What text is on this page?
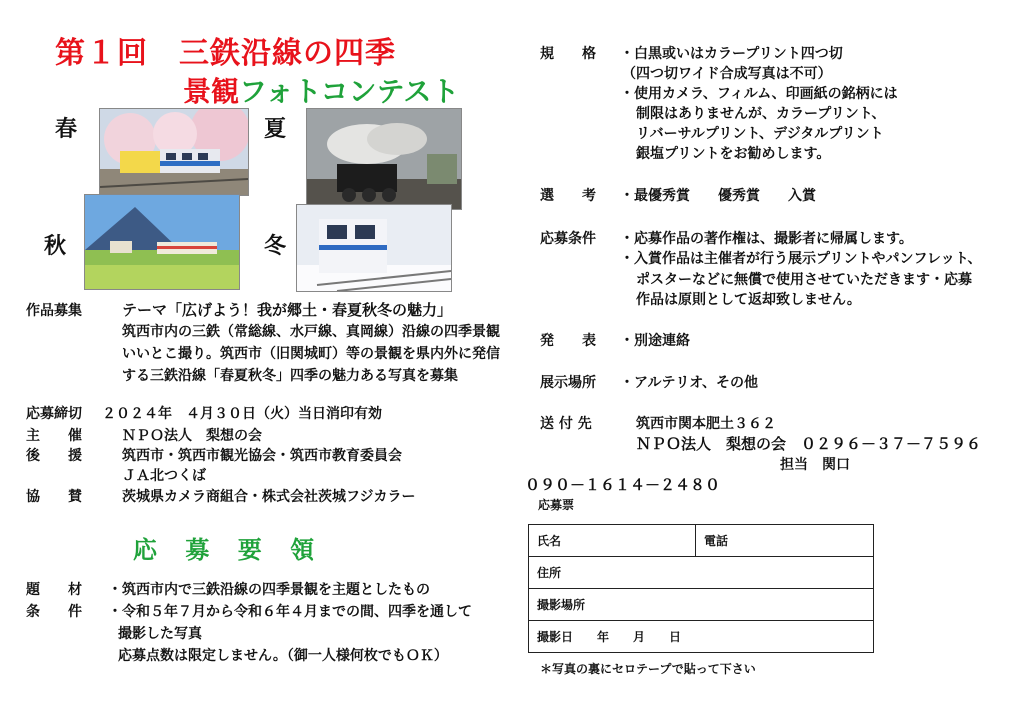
第１回　三鉄沿線の四季
景観フォトコンテスト
春	夏
秋	冬
作品募集	テーマ「広げよう！我が郷土・春夏秋冬の魅力」
筑西市内の三鉄（常総線、水戸線、真岡線）沿線の四季景観
いいとこ撮り。筑西市（旧関城町）等の景観を県内外に発信
する三鉄沿線「春夏秋冬」四季の魅力ある写真を募集
応募締切 ２０２４年　４月３０日（火）当日消印有効
主　　催	ＮＰＯ法人　梨想の会
後　　援	筑西市・筑西市観光協会・筑西市教育委員会
ＪＡ北つくば
協　　賛	茨城県カメラ商組合・株式会社茨城フジカラー
応 募 要 領
題　　材 ・筑西市内で三鉄沿線の四季景観を主題としたもの
条　　件 ・令和５年７月から令和６年４月までの間、四季を通して
撮影した写真
応募点数は限定しません。（御一人様何枚でもＯＫ）
規　　格 ・白黒或いはカラープリント四つ切
（四つ切ワイド合成写真は不可）
・使用カメラ、フィルム、印画紙の銘柄には
制限はありませんが、カラープリント、
リバーサルプリント、デジタルプリント
銀塩プリントをお勧めします。
選　　考 ・最優秀賞　　優秀賞　　入賞
応募条件 ・応募作品の著作権は、撮影者に帰属します。
・入賞作品は主催者が行う展示プリントやパンフレット、
ポスターなどに無償で使用させていただきます・応募
作品は原則として返却致しません。
発　　表 ・別途連絡
展示場所 ・アルテリオ、その他
送 付 先	筑西市関本肥土３６２
ＮＰＯ法人　梨想の会　０２９６－３７－７５９６
担当　関口
０９０－１６１４－２４８０
応募票
氏名	電話
住所
撮影場所
撮影日　　年　　月　　日
＊写真の裏にセロテープで貼って下さい
